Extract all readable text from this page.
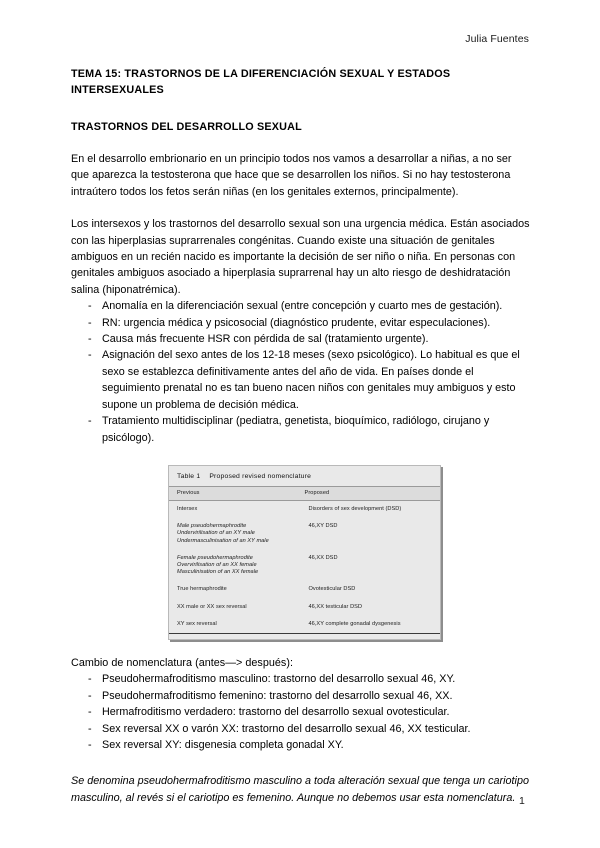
Julia Fuentes
TEMA 15: TRASTORNOS DE LA DIFERENCIACIÓN SEXUAL Y ESTADOS INTERSEXUALES
TRASTORNOS DEL DESARROLLO SEXUAL

En el desarrollo embrionario en un principio todos nos vamos a desarrollar a niñas, a no ser que aparezca la testosterona que hace que se desarrollen los niños. Si no hay testosterona intraútero todos los fetos serán niñas (en los genitales externos, principalmente).

Los intersexos y los trastornos del desarrollo sexual son una urgencia médica. Están asociados con las hiperplasias suprarrenales congénitas. Cuando existe una situación de genitales ambiguos en un recién nacido es importante la decisión de ser niño o niña. En personas con genitales ambiguos asociado a hiperplasia suprarrenal hay un alto riesgo de deshidratación salina (hiponatrémica).

- Anomalía en la diferenciación sexual (entre concepción y cuarto mes de gestación).
- RN: urgencia médica y psicosocial (diagnóstico prudente, evitar especulaciones).
- Causa más frecuente HSR con pérdida de sal (tratamiento urgente).
- Asignación del sexo antes de los 12-18 meses (sexo psicológico). Lo habitual es que el sexo se establezca definitivamente antes del año de vida. En países donde el seguimiento prenatal no es tan bueno nacen niños con genitales muy ambiguos y esto supone un problema de decisión médica.
- Tratamiento multidisciplinar (pediatra, genetista, bioquímico, radiólogo, cirujano y psicólogo).
Table 1 Proposed revised nomenclature
Previous	Proposed

Intersex	Disorders of sex development (DSD)

Male pseudohermaphrodite
Undervirilisation of an XY male
Undermasculinisation of an XY male	46,XY DSD

Female pseudohermaphrodite
Overvirilisation of an XX female
Masculinisation of an XX female	46,XX DSD

True hermaphrodite	Ovotesticular DSD

XX male or XX sex reversal	46,XX testicular DSD

XY sex reversal	46,XY complete gonadal dysgenesis

Cambio de nomenclatura (antes—> después):

- Pseudohermafroditismo masculino: trastorno del desarrollo sexual 46, XY.
- Pseudohermafroditismo femenino: trastorno del desarrollo sexual 46, XX.
- Hermafroditismo verdadero: trastorno del desarrollo sexual ovotesticular.
- Sex reversal XX o varón XX: trastorno del desarrollo sexual 46, XX testicular.
- Sex reversal XY: disgenesia completa gonadal XY.

Se denomina pseudohermafroditismo masculino a toda alteración sexual que tenga un cariotipo masculino, al revés si el cariotipo es femenino. Aunque no debemos usar esta nomenclatura. 1
